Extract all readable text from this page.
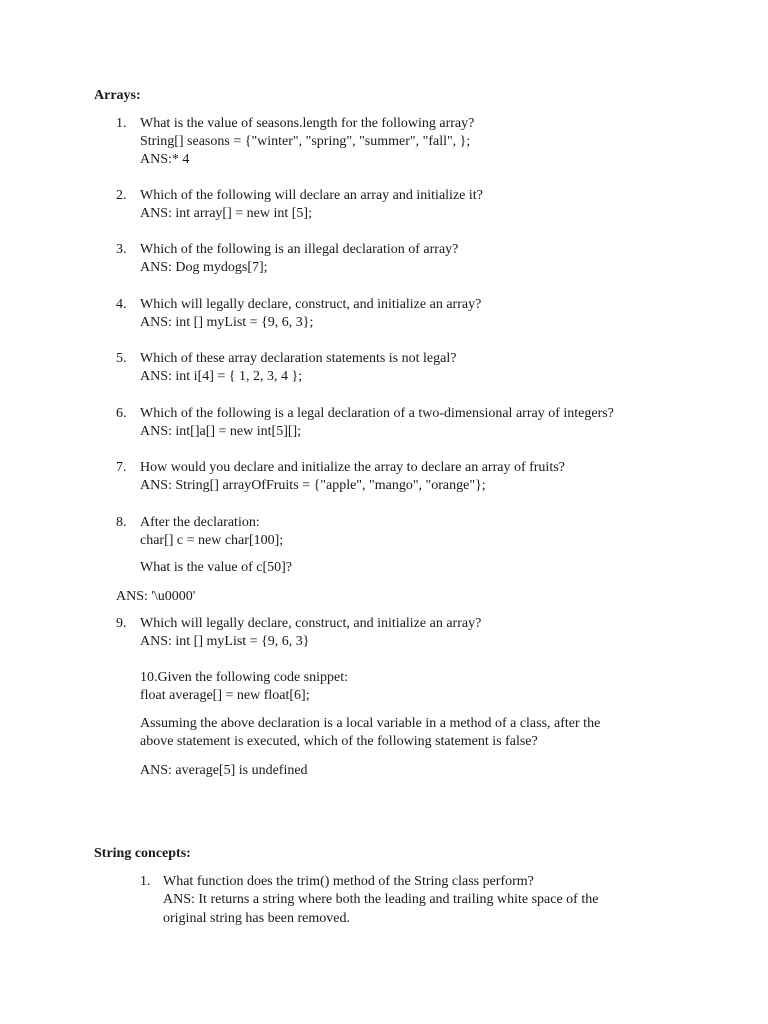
Arrays:
1. What is the value of seasons.length for the following array?
String[] seasons = {"winter", "spring", "summer", "fall", };
ANS:* 4
2. Which of the following will declare an array and initialize it?
ANS: int array[] = new int [5];
3. Which of the following is an illegal declaration of array?
ANS: Dog mydogs[7];
4. Which will legally declare, construct, and initialize an array?
ANS: int [] myList = {9, 6, 3};
5. Which of these array declaration statements is not legal?
ANS: int i[4] = { 1, 2, 3, 4 };
6. Which of the following is a legal declaration of a two-dimensional array of integers?
ANS: int[]a[] = new int[5][];
7. How would you declare and initialize the array to declare an array of fruits?
ANS: String[] arrayOfFruits = {"apple", "mango", "orange"};
8. After the declaration:
char[] c = new char[100];
What is the value of c[50]?
ANS: '\u0000'
9. Which will legally declare, construct, and initialize an array?
ANS: int [] myList = {9, 6, 3}
10.Given the following code snippet:
float average[] = new float[6];
Assuming the above declaration is a local variable in a method of a class, after the
above statement is executed, which of the following statement is false?
ANS: average[5] is undefined
String concepts:
1. What function does the trim() method of the String class perform?
ANS: It returns a string where both the leading and trailing white space of the
original string has been removed.
